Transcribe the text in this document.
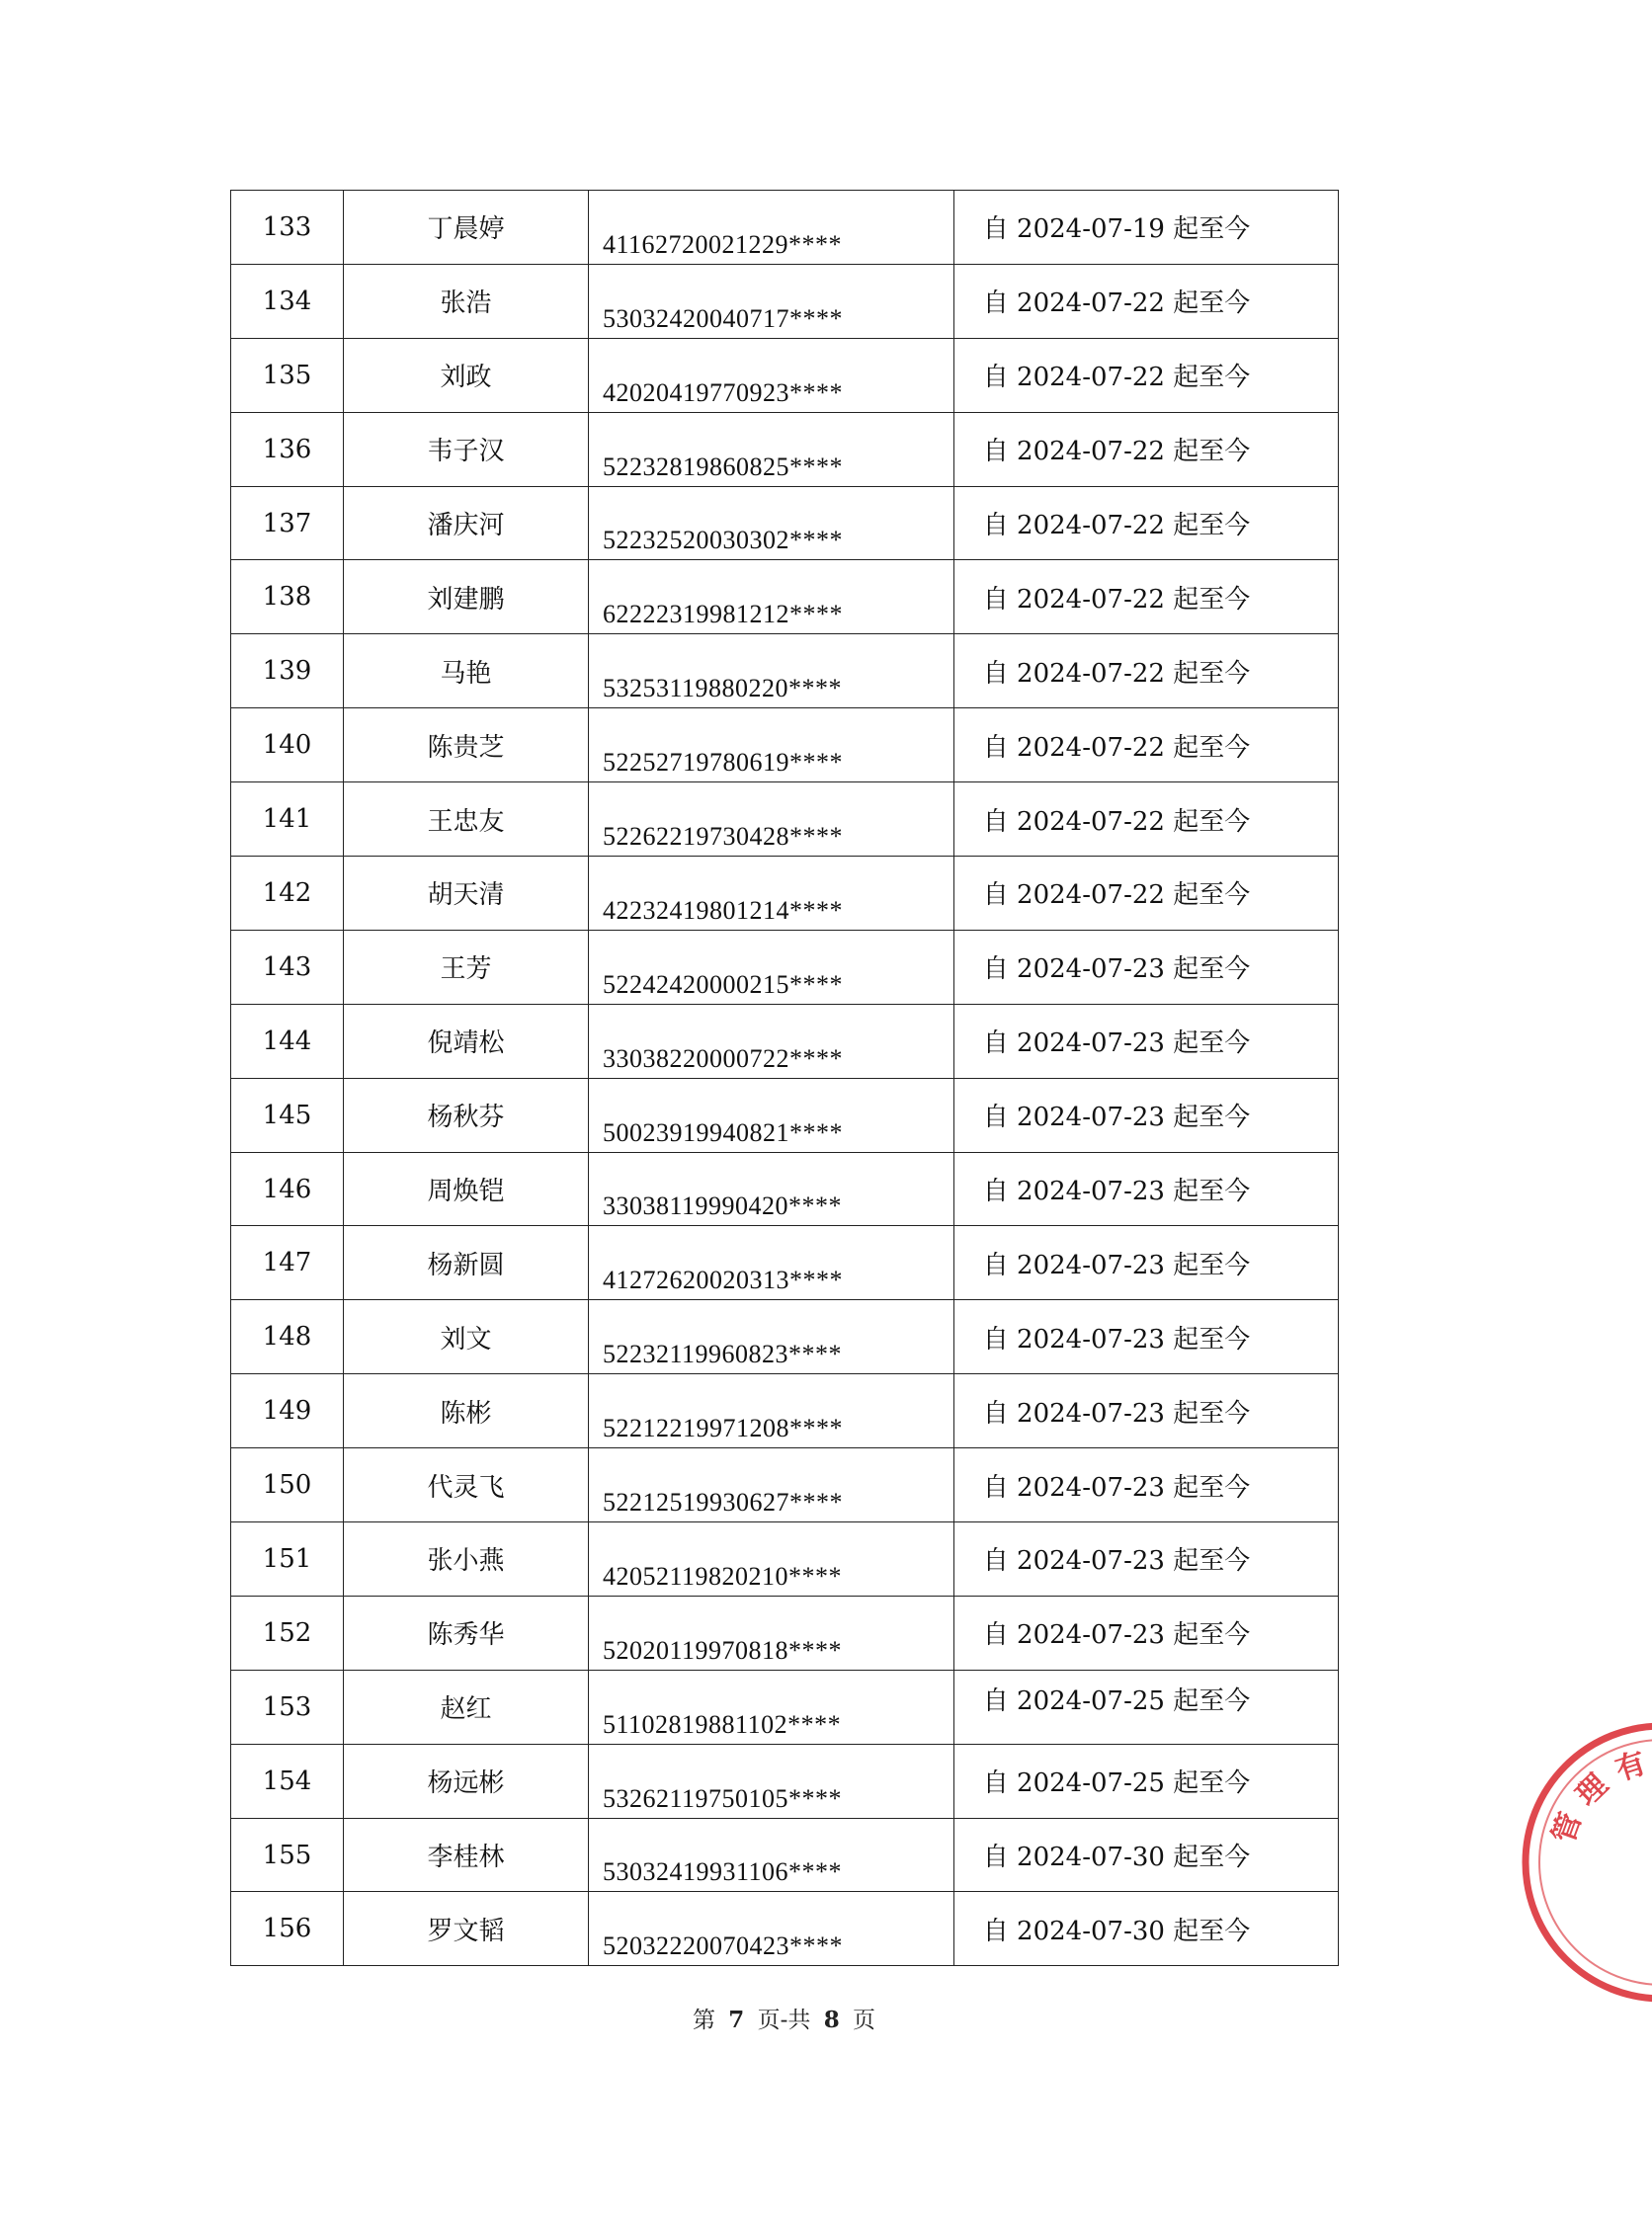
133	丁晨婷	41162720021229****	自 2024-07-19 起至今
134	张浩	53032420040717****	自 2024-07-22 起至今
135	刘政	42020419770923****	自 2024-07-22 起至今
136	韦子汉	52232819860825****	自 2024-07-22 起至今
137	潘庆河	52232520030302****	自 2024-07-22 起至今
138	刘建鹏	62222319981212****	自 2024-07-22 起至今
139	马艳	53253119880220****	自 2024-07-22 起至今
140	陈贵芝	52252719780619****	自 2024-07-22 起至今
141	王忠友	52262219730428****	自 2024-07-22 起至今
142	胡天清	42232419801214****	自 2024-07-22 起至今
143	王芳	52242420000215****	自 2024-07-23 起至今
144	倪靖松	33038220000722****	自 2024-07-23 起至今
145	杨秋芬	50023919940821****	自 2024-07-23 起至今
146	周焕铠	33038119990420****	自 2024-07-23 起至今
147	杨新圆	41272620020313****	自 2024-07-23 起至今
148	刘文	52232119960823****	自 2024-07-23 起至今
149	陈彬	52212219971208****	自 2024-07-23 起至今
150	代灵飞	52212519930627****	自 2024-07-23 起至今
151	张小燕	42052119820210****	自 2024-07-23 起至今
152	陈秀华	52020119970818****	自 2024-07-23 起至今
153	赵红	51102819881102****	自 2024-07-25 起至今

154	杨远彬	53262119750105****	自 2024-07-25 起至今
155	李桂林	53032419931106****	自 2024-07-30 起至今
156	罗文韬	52032220070423****	自 2024-07-30 起至今
第 7 页-共 8 页
管
理
有
